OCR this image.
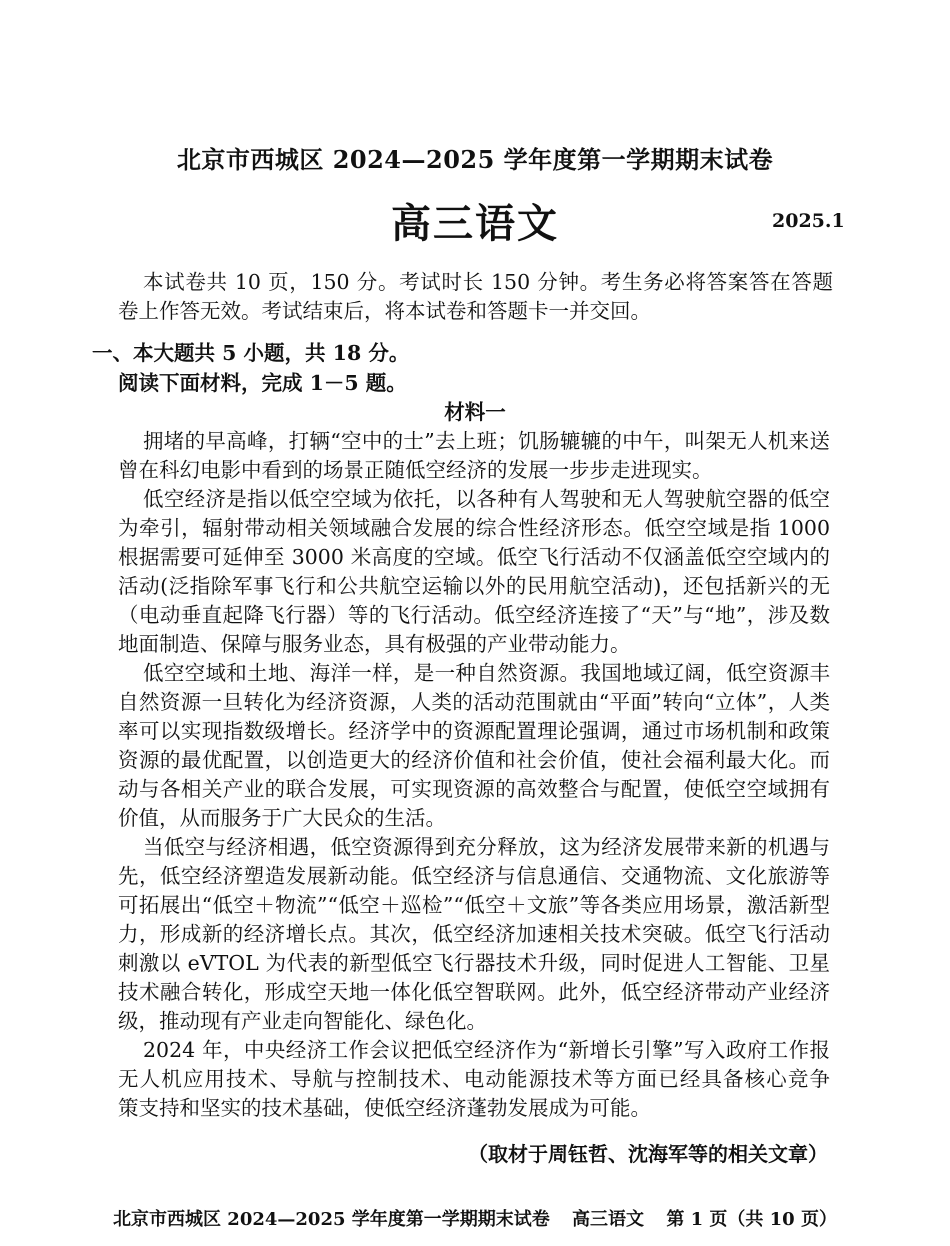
北京市西城区 2024—2025 学年度第一学期期末试卷
高三语文	2025.1
本试卷共 10 页，150 分。考试时长 150 分钟。考生务必将答案答在答题
卷上作答无效。考试结束后，将本试卷和答题卡一并交回。
一、本大题共 5 小题，共 18 分。
阅读下面材料，完成 1－5 题。
材料一
拥堵的早高峰，打辆“空中的士”去上班；饥肠辘辘的中午，叫架无人机来送
曾在科幻电影中看到的场景正随低空经济的发展一步步走进现实。
低空经济是指以低空空域为依托，以各种有人驾驶和无人驾驶航空器的低空
为牵引，辐射带动相关领域融合发展的综合性经济形态。低空空域是指 1000
根据需要可延伸至 3000 米高度的空域。低空飞行活动不仅涵盖低空空域内的
活动(泛指除军事飞行和公共航空运输以外的民用航空活动)，还包括新兴的无
（电动垂直起降飞行器）等的飞行活动。低空经济连接了“天”与“地”，涉及数
地面制造、保障与服务业态，具有极强的产业带动能力。
低空空域和土地、海洋一样，是一种自然资源。我国地域辽阔，低空资源丰
自然资源一旦转化为经济资源，人类的活动范围就由“平面”转向“立体”，人类
率可以实现指数级增长。经济学中的资源配置理论强调，通过市场机制和政策
资源的最优配置，以创造更大的经济价值和社会价值，使社会福利最大化。而
动与各相关产业的联合发展，可实现资源的高效整合与配置，使低空空域拥有
价值，从而服务于广大民众的生活。
当低空与经济相遇，低空资源得到充分释放，这为经济发展带来新的机遇与
先，低空经济塑造发展新动能。低空经济与信息通信、交通物流、文化旅游等
可拓展出“低空＋物流”“低空＋巡检”“低空＋文旅”等各类应用场景，激活新型
力，形成新的经济增长点。其次，低空经济加速相关技术突破。低空飞行活动
刺激以 eVTOL 为代表的新型低空飞行器技术升级，同时促进人工智能、卫星
技术融合转化，形成空天地一体化低空智联网。此外，低空经济带动产业经济
级，推动现有产业走向智能化、绿色化。
2024 年，中央经济工作会议把低空经济作为“新增长引擎”写入政府工作报
无人机应用技术、导航与控制技术、电动能源技术等方面已经具备核心竞争
策支持和坚实的技术基础，使低空经济蓬勃发展成为可能。
（取材于周钰哲、沈海军等的相关文章）
北京市西城区 2024—2025 学年度第一学期期末试卷 高三语文 第 1 页（共 10 页）
